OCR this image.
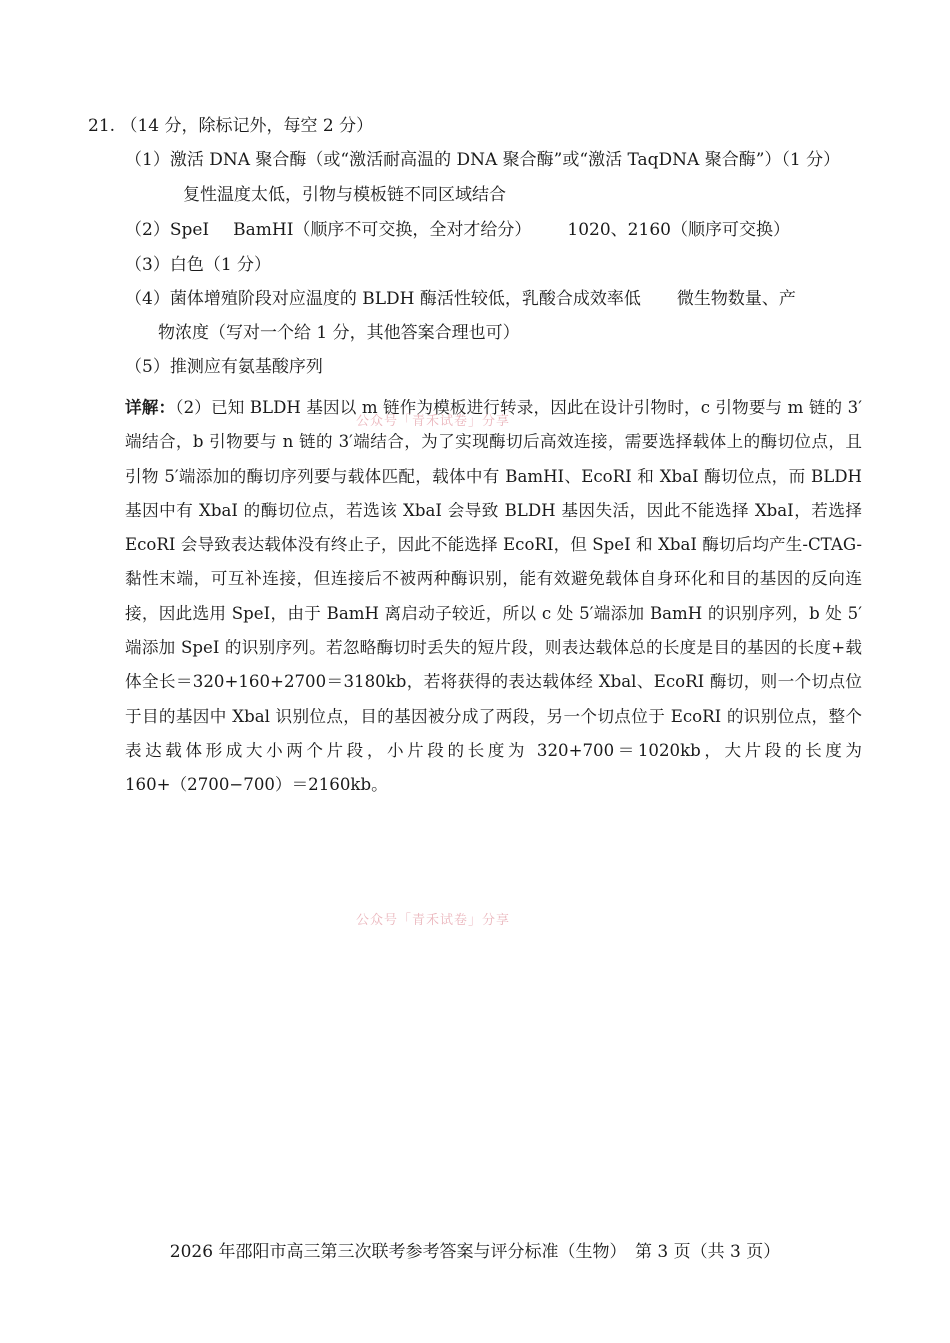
21. （14 分，除标记外，每空 2 分）
（1）激活 DNA 聚合酶（或“激活耐高温的 DNA 聚合酶”或“激活 TaqDNA 聚合酶”）（1 分）
复性温度太低，引物与模板链不同区域结合
（2）SpeI BamHI（顺序不可交换，全对才给分） 1020、2160（顺序可交换）
（3）白色（1 分）
（4）菌体增殖阶段对应温度的 BLDH 酶活性较低，乳酸合成效率低 微生物数量、产
物浓度（写对一个给 1 分，其他答案合理也可）
（5）推测应有氨基酸序列
详解：（2）已知 BLDH 基因以 m 链作为模板进行转录，因此在设计引物时，c 引物要与 m 链的 3′端结合，b 引物要与 n 链的 3′端结合，为了实现酶切后高效连接，需要选择载体上的酶切位点，且引物 5′端添加的酶切序列要与载体匹配，载体中有 BamHI、EcoRI 和 XbaI 酶切位点，而 BLDH 基因中有 XbaI 的酶切位点，若选该 XbaI 会导致 BLDH 基因失活，因此不能选择 XbaI，若选择 EcoRI 会导致表达载体没有终止子，因此不能选择 EcoRI，但 SpeI 和 XbaI 酶切后均产生-CTAG-黏性末端，可互补连接，但连接后不被两种酶识别，能有效避免载体自身环化和目的基因的反向连接，因此选用 SpeI，由于 BamH 离启动子较近，所以 c 处 5′端添加 BamH 的识别序列，b 处 5′端添加 SpeI 的识别序列。若忽略酶切时丢失的短片段，则表达载体总的长度是目的基因的长度+载体全长＝320+160+2700＝3180kb，若将获得的表达载体经 Xbal、EcoRI 酶切，则一个切点位于目的基因中 Xbal 识别位点，目的基因被分成了两段，另一个切点位于 EcoRI 的识别位点，整个表达载体形成大小两个片段，小片段的长度为 320+700＝1020kb，大片段的长度为 160+（2700−700）＝2160kb。
公众号「青禾试卷」分享
公众号「青禾试卷」分享
2026 年邵阳市高三第三次联考参考答案与评分标准（生物）　第 3 页（共 3 页）
